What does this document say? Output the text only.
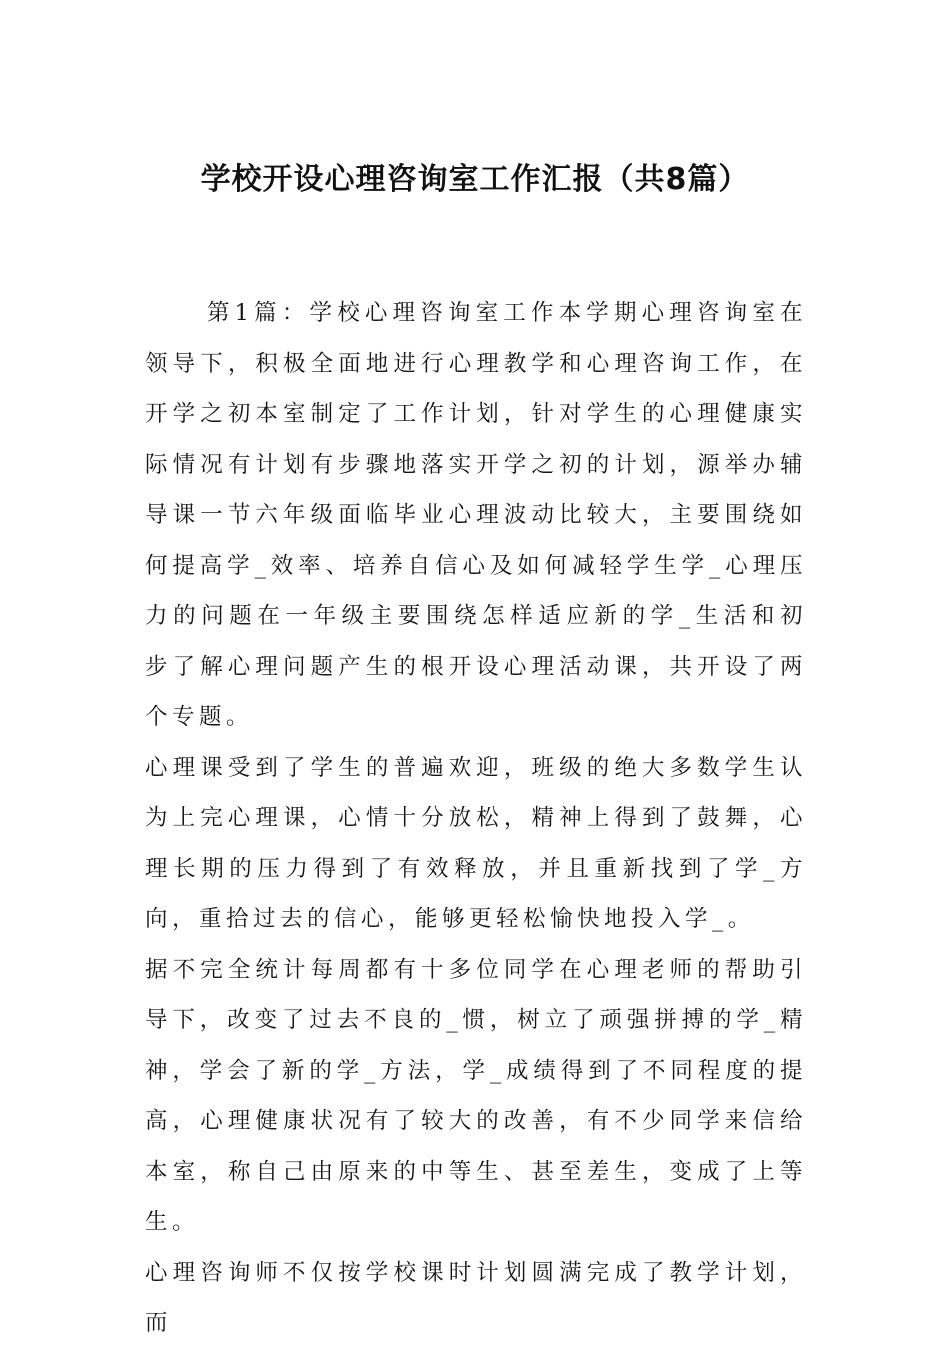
学校开设心理咨询室工作汇报（共8篇）

第1篇：学校心理咨询室工作本学期心理咨询室在领导下，积极全面地进行心理教学和心理咨询工作，在开学之初本室制定了工作计划，针对学生的心理健康实际情况有计划有步骤地落实开学之初的计划，源举办辅导课一节六年级面临毕业心理波动比较大，主要围绕如何提高学_效率、培养自信心及如何减轻学生学_心理压力的问题在一年级主要围绕怎样适应新的学_生活和初步了解心理问题产生的根开设心理活动课，共开设了两个专题。

心理课受到了学生的普遍欢迎，班级的绝大多数学生认为上完心理课，心情十分放松，精神上得到了鼓舞，心理长期的压力得到了有效释放，并且重新找到了学_方向，重拾过去的信心，能够更轻松愉快地投入学_。

据不完全统计每周都有十多位同学在心理老师的帮助引导下，改变了过去不良的_惯，树立了顽强拼搏的学_精神，学会了新的学_方法，学_成绩得到了不同程度的提高，心理健康状况有了较大的改善，有不少同学来信给本室，称自己由原来的中等生、甚至差生，变成了上等生。

心理咨询师不仅按学校课时计划圆满完成了教学计划，而
